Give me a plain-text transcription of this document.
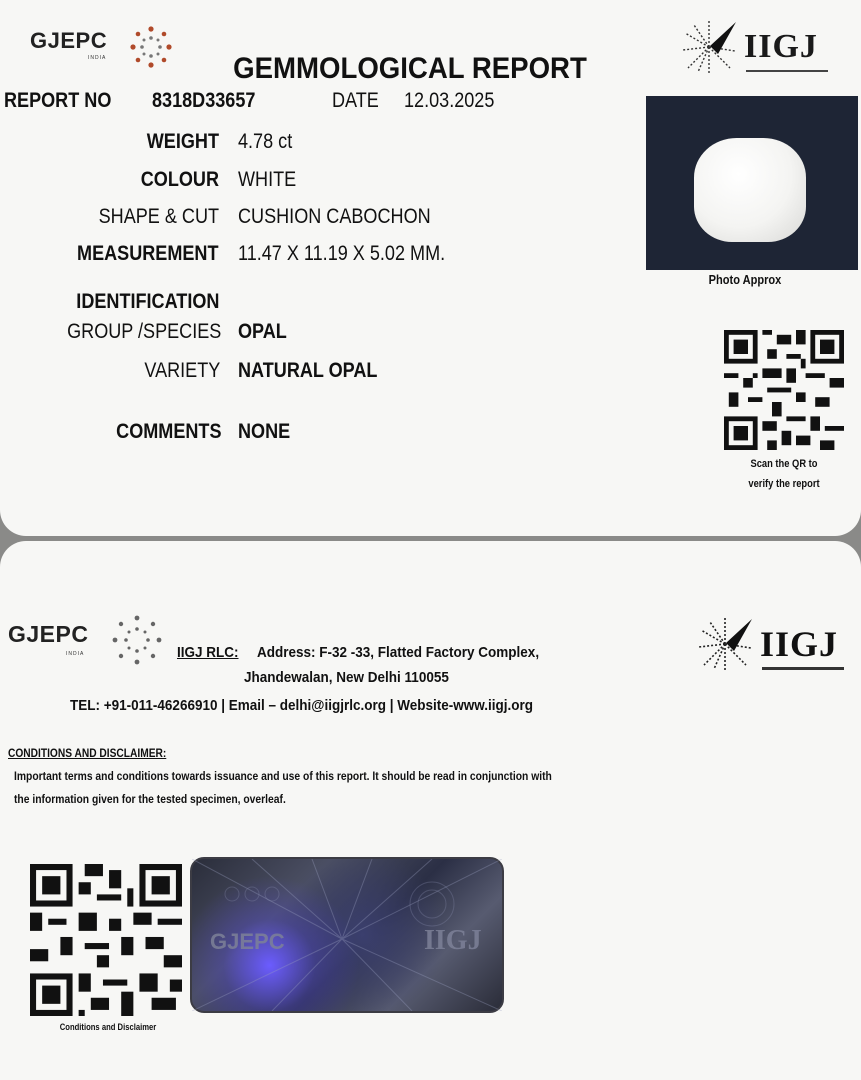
GJEPC
INDIA	IIGJ
GEMMOLOGICAL REPORT
REPORT NO 8318D33657	DATE 12.03.2025
WEIGHT 4.78 ct
COLOUR WHITE
SHAPE & CUT CUSHION CABOCHON
MEASUREMENT 11.47 X 11.19 X 5.02 MM.
IDENTIFICATION
GROUP /SPECIES OPAL
VARIETY NATURAL OPAL
COMMENTS NONE
Photo Approx
Scan the QR to
verify the report
GJEPC
INDIA	IIGJ
IIGJ RLC: Address: F-32 -33, Flatted Factory Complex,
Jhandewalan, New Delhi 110055
TEL: +91-011-46266910 | Email – delhi@iigjrlc.org | Website-www.iigj.org
CONDITIONS AND DISCLAIMER:
Important terms and conditions towards issuance and use of this report. It should be read in conjunction with
the information given for the tested specimen, overleaf.
Conditions and Disclaimer
GJEPC	IIGJ
